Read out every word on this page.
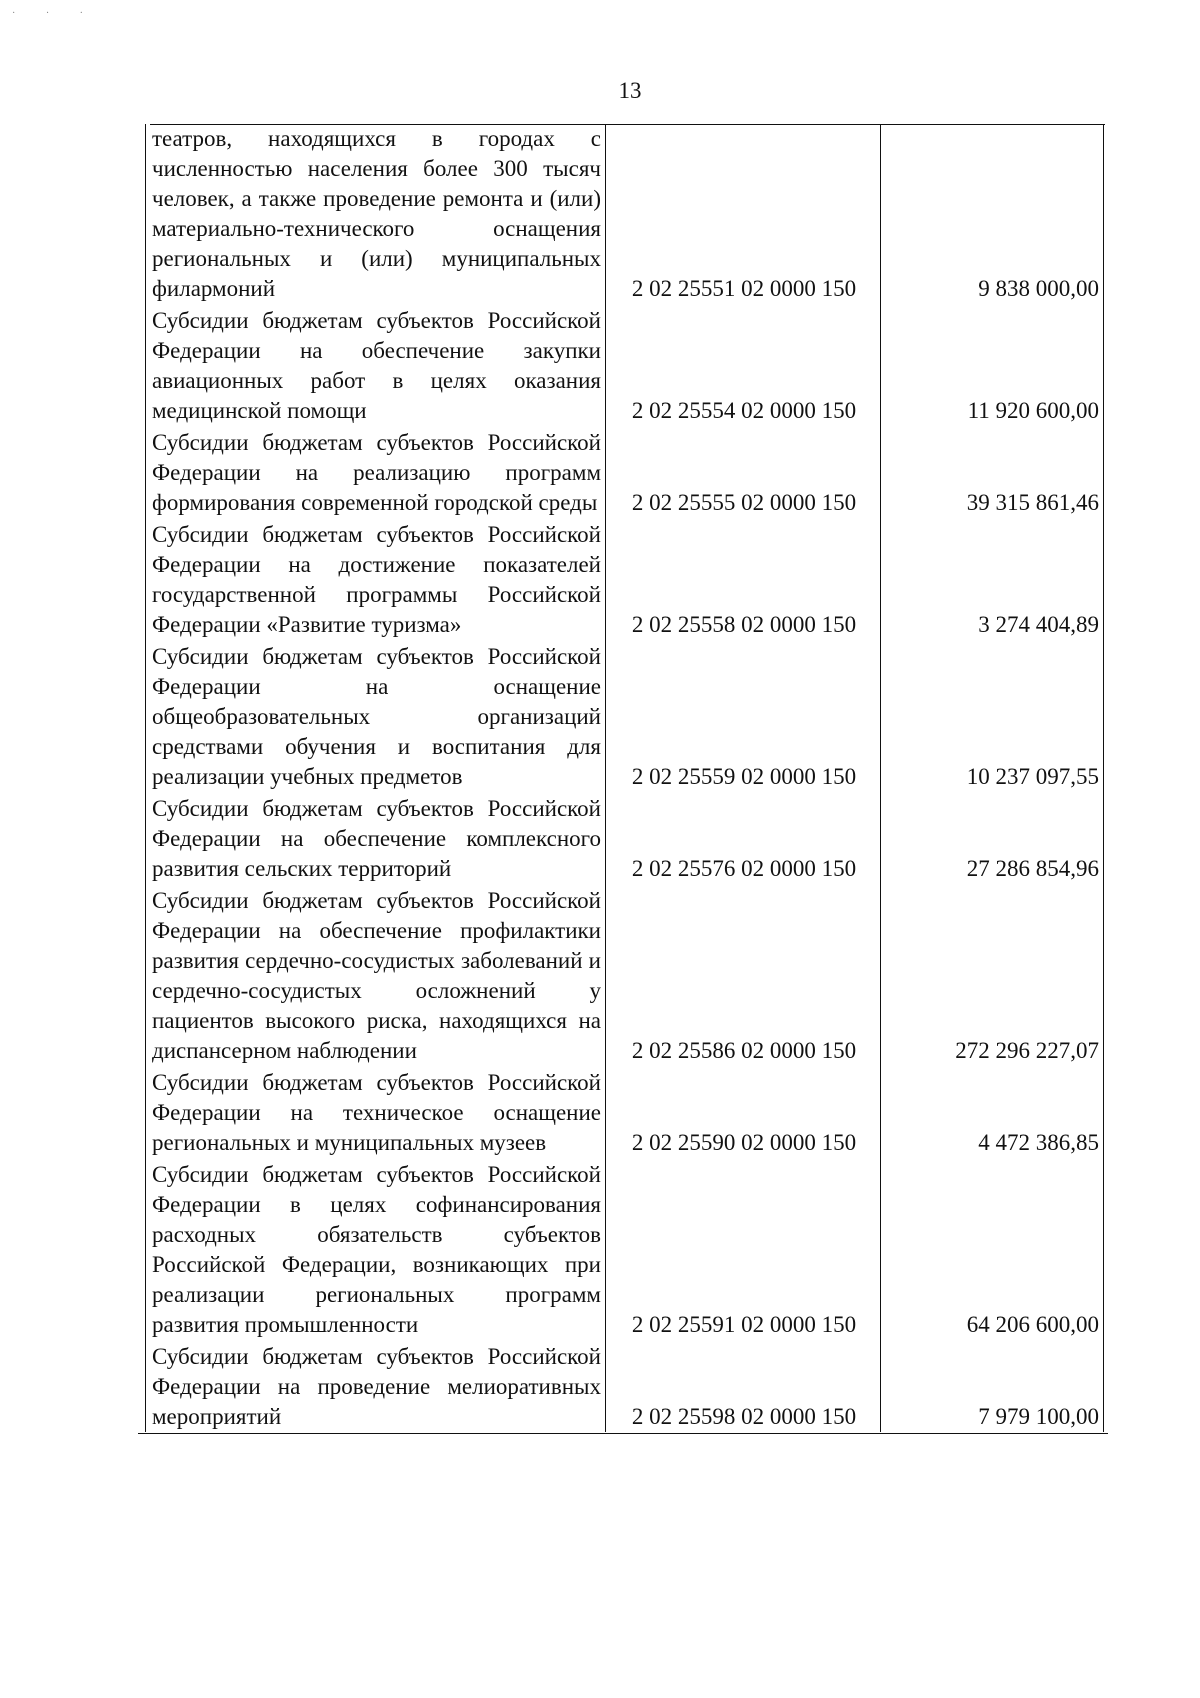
· · ·
13
театров, находящихся в городах с численностью населения более 300 тысяч человек, а также проведение ремонта и (или) материально-технического оснащения региональных и (или) муниципальных филармоний	2 02 25551 02 0000 150	9 838 000,00
Субсидии бюджетам субъектов Российской Федерации на обеспечение закупки авиационных работ в целях оказания медицинской помощи	2 02 25554 02 0000 150	11 920 600,00
Субсидии бюджетам субъектов Российской Федерации на реализацию программ формирования современной городской среды	2 02 25555 02 0000 150	39 315 861,46
Субсидии бюджетам субъектов Российской Федерации на достижение показателей государственной программы Российской Федерации «Развитие туризма»	2 02 25558 02 0000 150	3 274 404,89
Субсидии бюджетам субъектов Российской Федерации на оснащение общеобразовательных организаций средствами обучения и воспитания для реализации учебных предметов	2 02 25559 02 0000 150	10 237 097,55
Субсидии бюджетам субъектов Российской Федерации на обеспечение комплексного развития сельских территорий	2 02 25576 02 0000 150	27 286 854,96
Субсидии бюджетам субъектов Российской Федерации на обеспечение профилактики развития сердечно-сосудистых заболеваний и сердечно-сосудистых осложнений у пациентов высокого риска, находящихся на диспансерном наблюдении	2 02 25586 02 0000 150	272 296 227,07
Субсидии бюджетам субъектов Российской Федерации на техническое оснащение региональных и муниципальных музеев	2 02 25590 02 0000 150	4 472 386,85
Субсидии бюджетам субъектов Российской Федерации в целях софинансирования расходных обязательств субъектов Российской Федерации, возникающих при реализации региональных программ развития промышленности	2 02 25591 02 0000 150	64 206 600,00
Субсидии бюджетам субъектов Российской Федерации на проведение мелиоративных мероприятий	2 02 25598 02 0000 150	7 979 100,00
